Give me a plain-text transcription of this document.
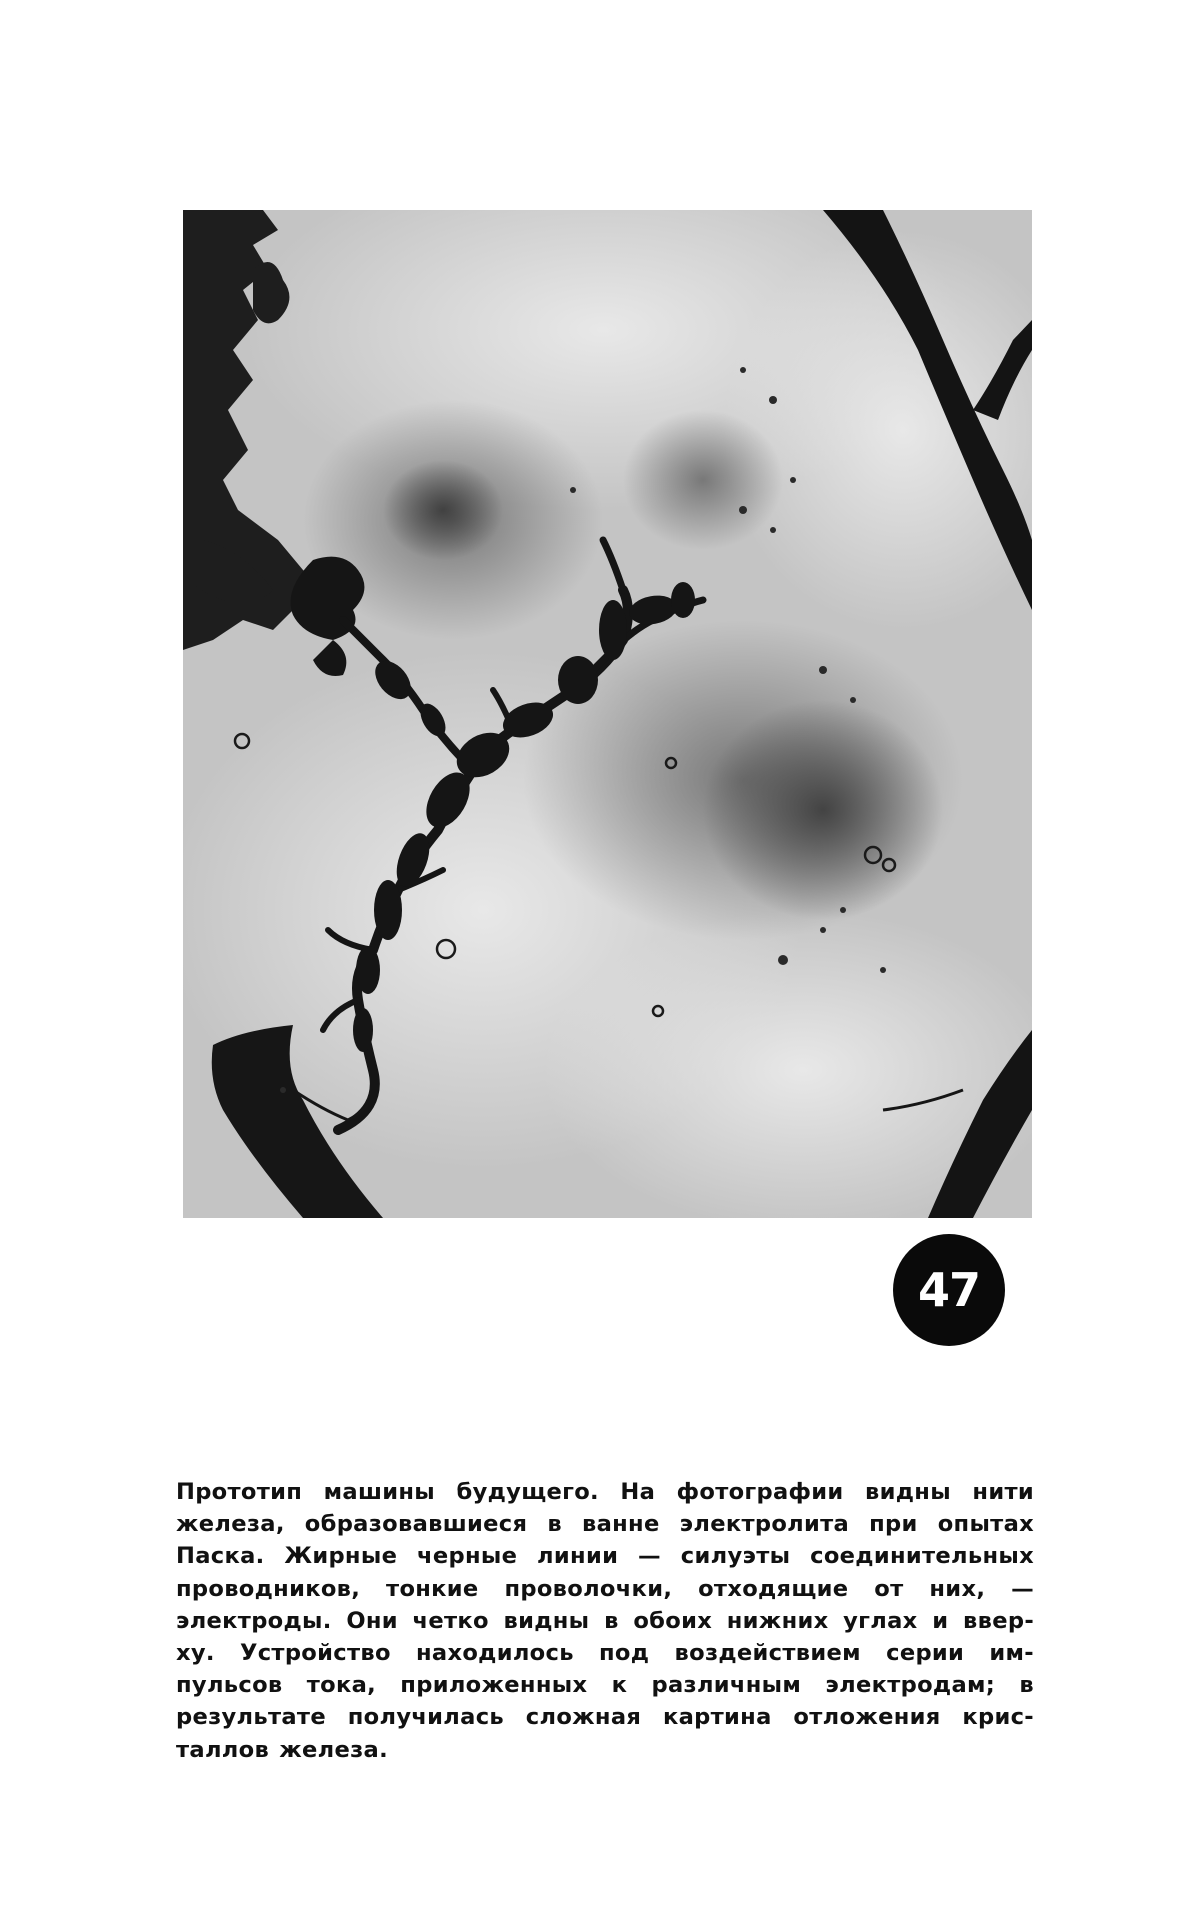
47
Прототип машины будущего. На фотографии видны нити
железа, образовавшиеся в ванне электролита при опытах
Паска. Жирные черные линии — силуэты соединительных
проводников, тонкие проволочки, отходящие от них, —
электроды. Они четко видны в обоих нижних углах и ввер-
ху. Устройство находилось под воздействием серии им-
пульсов тока, приложенных к различным электродам; в
результате получилась сложная картина отложения крис-
таллов железа.
